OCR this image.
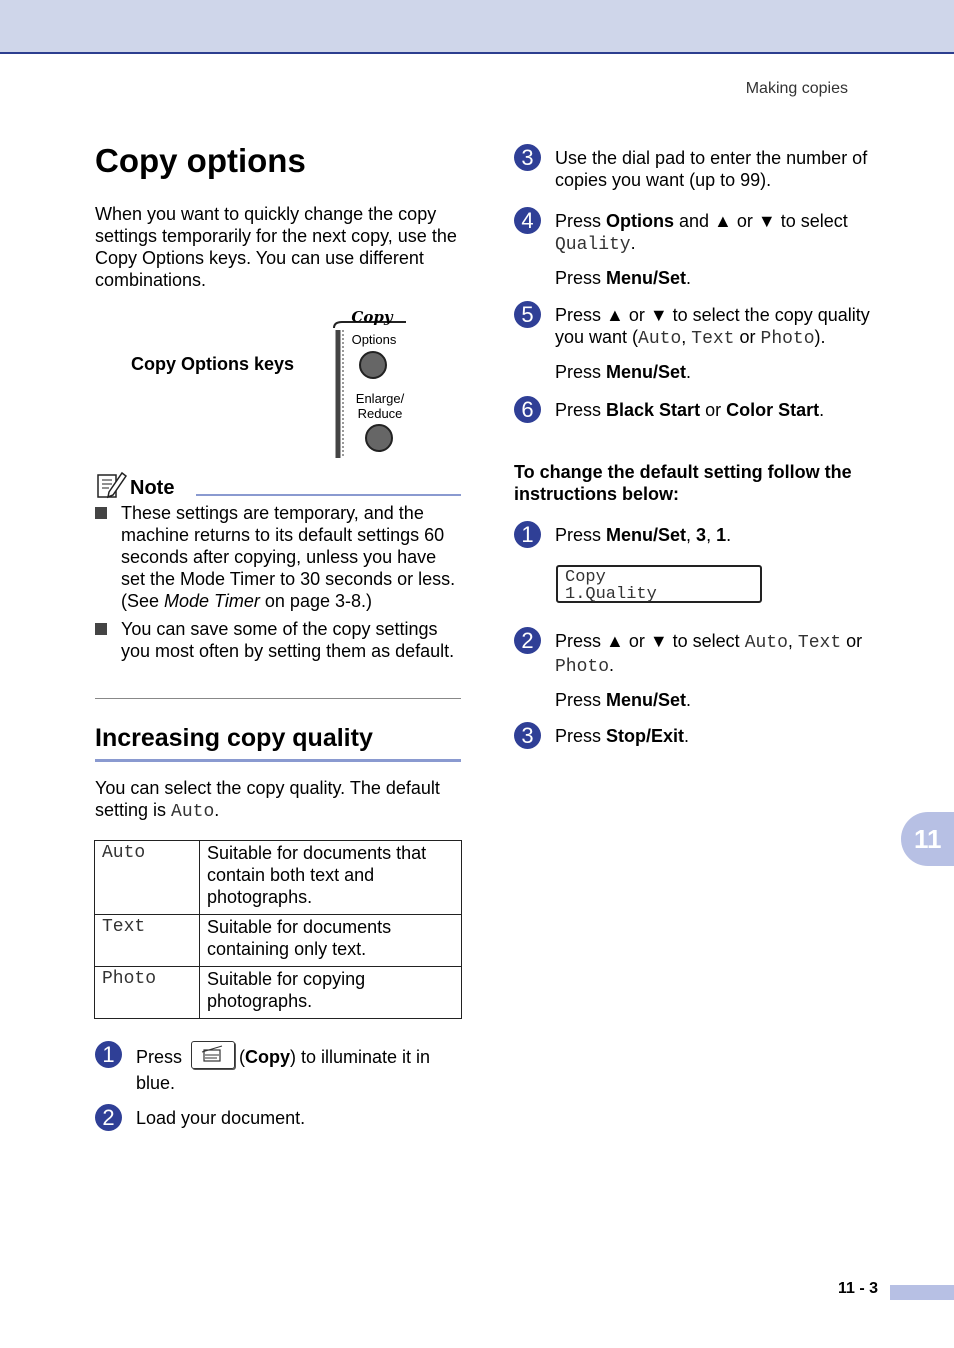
Making copies
Copy options

When you want to quickly change the copy settings temporarily for the next copy, use the Copy Options keys. You can use different combinations.

Copy Options keys
Copy
Options
Enlarge/
Reduce
Note
These settings are temporary, and the machine returns to its default settings 60 seconds after copying, unless you have set the Mode Timer to 30 seconds or less. (See Mode Timer on page 3-8.)
You can save some of the copy settings you most often by setting them as default.
Increasing copy quality

You can select the copy quality. The default setting is Auto.

Auto	Suitable for documents that contain both text and photographs.
Text	Suitable for documents containing only text.
Photo	Suitable for copying photographs.
1	Press	(Copy) to illuminate it in blue.

2	Load your document.

3	Use the dial pad to enter the number of copies you want (up to 99).

4	Press Options and ▲ or ▼ to select
Quality.

Press Menu/Set.

5	Press ▲ or ▼ to select the copy quality you want (Auto, Text or Photo).

Press Menu/Set.

6	Press Black Start or Color Start.

To change the default setting follow the instructions below:

1	Press Menu/Set, 3, 1.

Copy
1.Quality
2	Press ▲ or ▼ to select Auto, Text or Photo.

Press Menu/Set.

3	Press Stop/Exit.

11
11 - 3
